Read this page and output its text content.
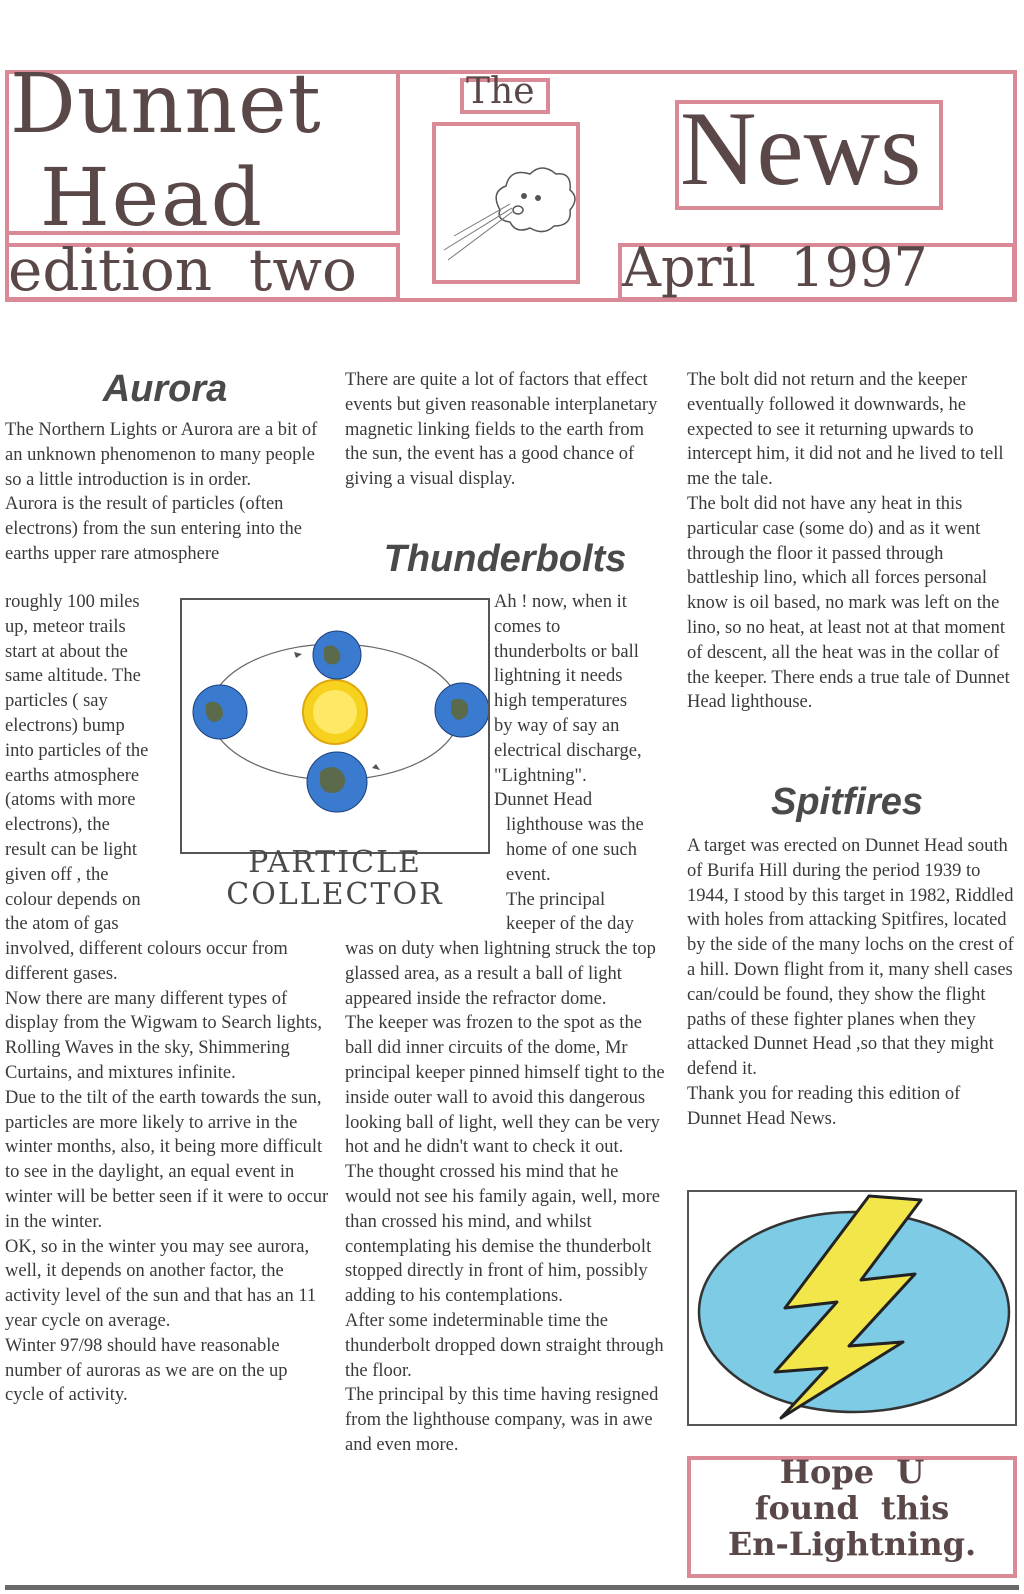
Dunnet
Head
edition  two
The News
April  1997
Aurora

The Northern Lights or Aurora are a bit of an unknown phenomenon to many people so a little introduction is in order.

Aurora is the result of particles (often electrons) from the sun entering into the earths upper rare atmosphere

roughly 100 miles
up, meteor trails
start at about the
same altitude. The
particles ( say
electrons) bump
into particles of the
earths atmosphere
(atoms with more
electrons), the
result can be light
given off , the
colour depends on
the atom of gas

involved, different colours occur from different gases.

Now there are many different types of display from the Wigwam to Search lights, Rolling Waves in the sky, Shimmering Curtains, and mixtures infinite.

Due to the tilt of the earth towards the sun, particles are more likely to arrive in the winter months, also, it being more difficult to see in the daylight, an equal event in winter will be better seen if it were to occur in the winter.

OK, so in the winter you may see aurora, well, it depends on another factor, the activity level of the sun and that has an 11 year cycle on average.

Winter 97/98 should have reasonable number of auroras as we are on the up cycle of activity.

PARTICLE
COLLECTOR

There are quite a lot of factors that effect events but given reasonable interplanetary magnetic linking fields to the earth from the sun, the event has a good chance of giving a visual display.

Thunderbolts
Ah ! now, when it
comes to
thunderbolts or ball
lightning it needs
high temperatures
by way of say an
electrical discharge,
"Lightning".
Dunnet Head
lighthouse was the
home of one such
event.
The principal
keeper of the day

was on duty when lightning struck the top glassed area, as a result a ball of light appeared inside the refractor dome.

The keeper was frozen to the spot as the ball did inner circuits of the dome, Mr principal keeper pinned himself tight to the inside outer wall to avoid this dangerous looking ball of light, well they can be very hot and he didn't want to check it out.

The thought crossed his mind that he would not see his family again, well, more than crossed his mind, and whilst contemplating his demise the thunderbolt stopped directly in front of him, possibly adding to his contemplations.

After some indeterminable time the thunderbolt dropped down straight through the floor.

The principal by this time having resigned from the lighthouse company, was in awe and even more.

The bolt did not return and the keeper eventually followed it downwards, he expected to see it returning upwards to intercept him, it did not and he lived to tell me the tale.

The bolt did not have any heat in this particular case (some do) and as it went through the floor it passed through battleship lino, which all forces personal know is oil based, no mark was left on the lino, so no heat, at least not at that moment of descent, all the heat was in the collar of the keeper. There ends a true tale of Dunnet Head lighthouse.

Spitfires

A target was erected on Dunnet Head south of Burifa Hill during the period 1939 to 1944, I stood by this target in 1982, Riddled with holes from attacking Spitfires, located by the side of the many lochs on the crest of a hill. Down flight from it, many shell cases can/could be found, they show the flight paths of these fighter planes when they attacked Dunnet Head ,so that they might defend it.

Thank you for reading this edition of Dunnet Head News.

Hope  U
found  this
En-Lightning.
